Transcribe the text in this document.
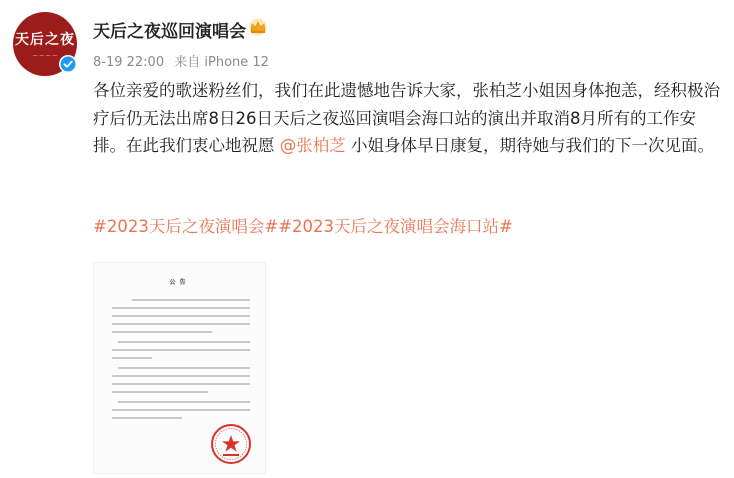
天后之夜
— — — —
天后之夜巡回演唱会
8-19 22:00 来自 iPhone 12

各位亲爱的歌迷粉丝们，我们在此遗憾地告诉大家，张柏芝小姐因身体抱恙，经积极治疗后仍无法出席8日26日天后之夜巡回演唱会海口站的演出并取消8月所有的工作安排。在此我们衷心地祝愿 @张柏芝 小姐身体早日康复，期待她与我们的下一次见面。

#2023天后之夜演唱会##2023天后之夜演唱会海口站#
公告
